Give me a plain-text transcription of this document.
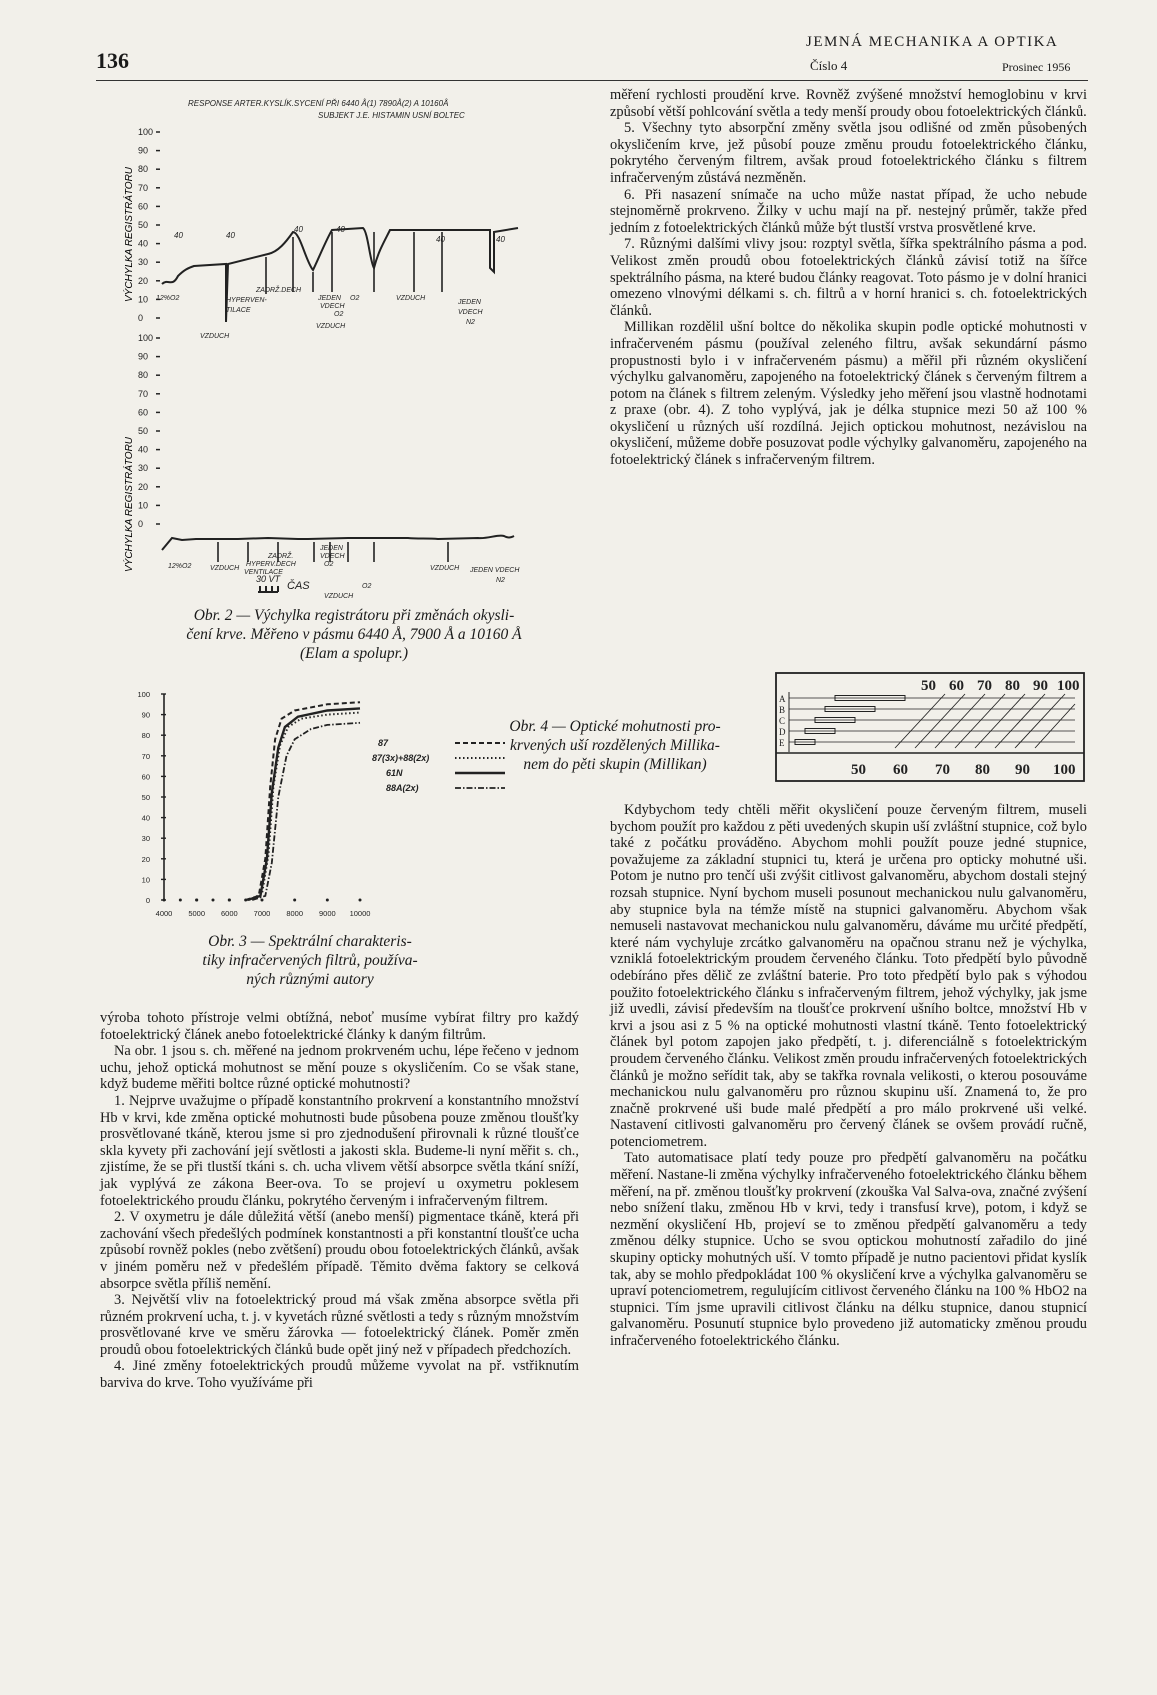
136
JEMNÁ MECHANIKA A OPTIKA
Číslo 4	Prosinec 1956
RESPONSE ARTER.KYSLÍK.SYCENÍ PŘI 6440 Å(1) 7890Å(2) A 10160Å
SUBJEKT J.E. HISTAMIN USNÍ BOLTEC
VÝCHYLKA REGISTRÁTORU
VÝCHYLKA REGISTRÁTORU
100
90
80
70
60
50
40
30
20
10
0
100
90
80
70
60
50
40
30
20
10
0
40	40
40	40
40	40
12%O2
VZDUCH
HYPERVEN-
TILACE
ZADRŽ.DECH
JEDEN
VDECH
O2
VZDUCH
O2
VZDUCH
JEDEN
VDECH
N2
12%O2	VZDUCH
HYPERV.
VENTILACE
ZADRŽ.
DECH
JEDEN
VDECH
O2
VZDUCH
O2
VZDUCH JEDEN VDECH
N2
30 VT
ČAS
Obr. 2 — Výchylka registrátoru při změnách okysli-
čení krve. Měřeno v pásmu 6440 Å, 7900 Å a 10160 Å
(Elam a spolupr.)

měření rychlosti proudění krve. Rovněž zvýšené množství hemoglobinu v krvi způsobí větší pohlcování světla a tedy menší proudy obou fotoelektrických článků.

5. Všechny tyto absorpční změny světla jsou odlišné od změn působených okysličením krve, jež působí pouze změnu proudu fotoelektrického článku, pokrytého červeným filtrem, avšak proud fotoelektrického článku s filtrem infračerveným zůstává nezměněn.

6. Při nasazení snímače na ucho může nastat případ, že ucho nebude stejnoměrně prokrveno. Žilky v uchu mají na př. nestejný průměr, takže před jedním z fotoelektrických článků může být tlustší vrstva prosvětlené krve.

7. Různými dalšími vlivy jsou: rozptyl světla, šířka spektrálního pásma a pod. Velikost změn proudů obou fotoelektrických článků závisí totiž na šířce spektrálního pásma, na které budou články reagovat. Toto pásmo je v dolní hranici omezeno vlnovými délkami s. ch. filtrů a v horní hranici s. ch. fotoelektrických článků.

Millikan rozdělil ušní boltce do několika skupin podle optické mohutnosti v infračerveném pásmu (používal zeleného filtru, avšak sekundární pásmo propustnosti bylo i v infračerveném pásmu) a měřil při různém okysličení výchylku galvanoměru, zapojeného na fotoelektrický článek s červeným filtrem a potom na článek s filtrem zeleným. Výsledky jeho měření jsou vlastně hodnotami z praxe (obr. 4). Z toho vyplývá, jak je délka stupnice mezi 50 až 100 % okysličení u různých uší rozdílná. Jejich optickou mohutnost, nezávislou na okysličení, můžeme dobře posuzovat podle výchylky galvanoměru, zapojeného na fotoelektrický článek s infračerveným filtrem.

A
B
C
D
E
50 60 70 80 90 100
50 60 70 80 90 100
Obr. 4 — Optické mohutnosti pro-
krvených uší rozdělených Millika-
nem do pěti skupin (Millikan)
0
10
20
30
40
50
60
70
80
90
100
4000 5000 6000 7000 8000 9000 10000
87
87(3x)+88(2x)
61N
88A(2x)
Obr. 3 — Spektrální charakteris-
tiky infračervených filtrů, používa-
ných různými autory

Kdybychom tedy chtěli měřit okysličení pouze červeným filtrem, museli bychom použít pro každou z pěti uvedených skupin uší zvláštní stupnice, což bylo také z počátku prováděno. Abychom mohli použít pouze jedné stupnice, považujeme za základní stupnici tu, která je určena pro opticky mohutné uši. Potom je nutno pro tenčí uši zvýšit citlivost galvanoměru, abychom dostali stejný rozsah stupnice. Nyní bychom museli posunout mechanickou nulu galvanoměru, aby stupnice byla na témže místě na stupnici galvanoměru. Abychom však nemuseli nastavovat mechanickou nulu galvanoměru, dáváme mu určité předpětí, které nám vychyluje zrcátko galvanoměru na opačnou stranu než je výchylka, vzniklá fotoelektrickým proudem červeného článku. Toto předpětí bylo původně odebíráno přes dělič ze zvláštní baterie. Pro toto předpětí bylo pak s výhodou použito fotoelektrického článku s infračerveným filtrem, jehož výchylky, jak jsme již uvedli, závisí především na tloušťce prokrvení ušního boltce, množství Hb v krvi a jsou asi z 5 % na optické mohutnosti vlastní tkáně. Tento fotoelektrický článek byl potom zapojen jako předpětí, t. j. diferenciálně s fotoelektrickým proudem červeného článku. Velikost změn proudu infračervených fotoelektrických článků je možno seřídit tak, aby se takřka rovnala velikosti, o kterou posouváme mechanickou nulu galvanoměru pro různou skupinu uší. Znamená to, že pro značně prokrvené uši bude malé předpětí a pro málo prokrvené uši velké. Nastavení citlivosti galvanoměru pro červený článek se ovšem provádí ručně, potenciometrem.

Tato automatisace platí tedy pouze pro předpětí galvanoměru na počátku měření. Nastane-li změna výchylky infračerveného fotoelektrického článku během měření, na př. změnou tloušťky prokrvení (zkouška Val Salva-ova, značné zvýšení nebo snížení tlaku, změnou Hb v krvi, tedy i transfusí krve), potom, i když se nezmění okysličení Hb, projeví se to změnou předpětí galvanoměru a tedy změnou délky stupnice. Ucho se svou optickou mohutností zařadilo do jiné skupiny opticky mohutných uší. V tomto případě je nutno pacientovi přidat kyslík tak, aby se mohlo předpokládat 100 % okysličení krve a výchylka galvanoměru se upraví potenciometrem, regulujícím citlivost červeného článku na 100 % HbO2 na stupnici. Tím jsme upravili citlivost článku na délku stupnice, danou stupnicí galvanoměru. Posunutí stupnice bylo provedeno již automaticky změnou proudu infračerveného fotoelektrického článku.

výroba tohoto přístroje velmi obtížná, neboť musíme vybírat filtry pro každý fotoelektrický článek anebo fotoelektrické články k daným filtrům.

Na obr. 1 jsou s. ch. měřené na jednom prokrveném uchu, lépe řečeno v jednom uchu, jehož optická mohutnost se mění pouze s okysličením. Co se však stane, když budeme měřiti boltce různé optické mohutnosti?

1. Nejprve uvažujme o případě konstantního prokrvení a konstantního množství Hb v krvi, kde změna optické mohutnosti bude působena pouze změnou tloušťky prosvětlované tkáně, kterou jsme si pro zjednodušení přirovnali k různé tloušťce skla kyvety při zachování její světlosti a jakosti skla. Budeme-li nyní měřit s. ch., zjistíme, že se při tlustší tkáni s. ch. ucha vlivem větší absorpce světla tkání sníží, jak vyplývá ze zákona Beer-ova. To se projeví u oxymetru poklesem fotoelektrického proudu článku, pokrytého červeným i infračerveným filtrem.

2. V oxymetru je dále důležitá větší (anebo menší) pigmentace tkáně, která při zachování všech předešlých podmínek konstantnosti a při konstantní tloušťce ucha způsobí rovněž pokles (nebo zvětšení) proudu obou fotoelektrických článků, avšak v jiném poměru než v předešlém případě. Těmito dvěma faktory se celková absorpce světla příliš nemění.

3. Největší vliv na fotoelektrický proud má však změna absorpce světla při různém prokrvení ucha, t. j. v kyvetách různé světlosti a tedy s různým množstvím prosvětlované krve ve směru žárovka — fotoelektrický článek. Poměr změn proudů obou fotoelektrických článků bude opět jiný než v případech předchozích.

4. Jiné změny fotoelektrických proudů můžeme vyvolat na př. vstřiknutím barviva do krve. Toho využíváme při
